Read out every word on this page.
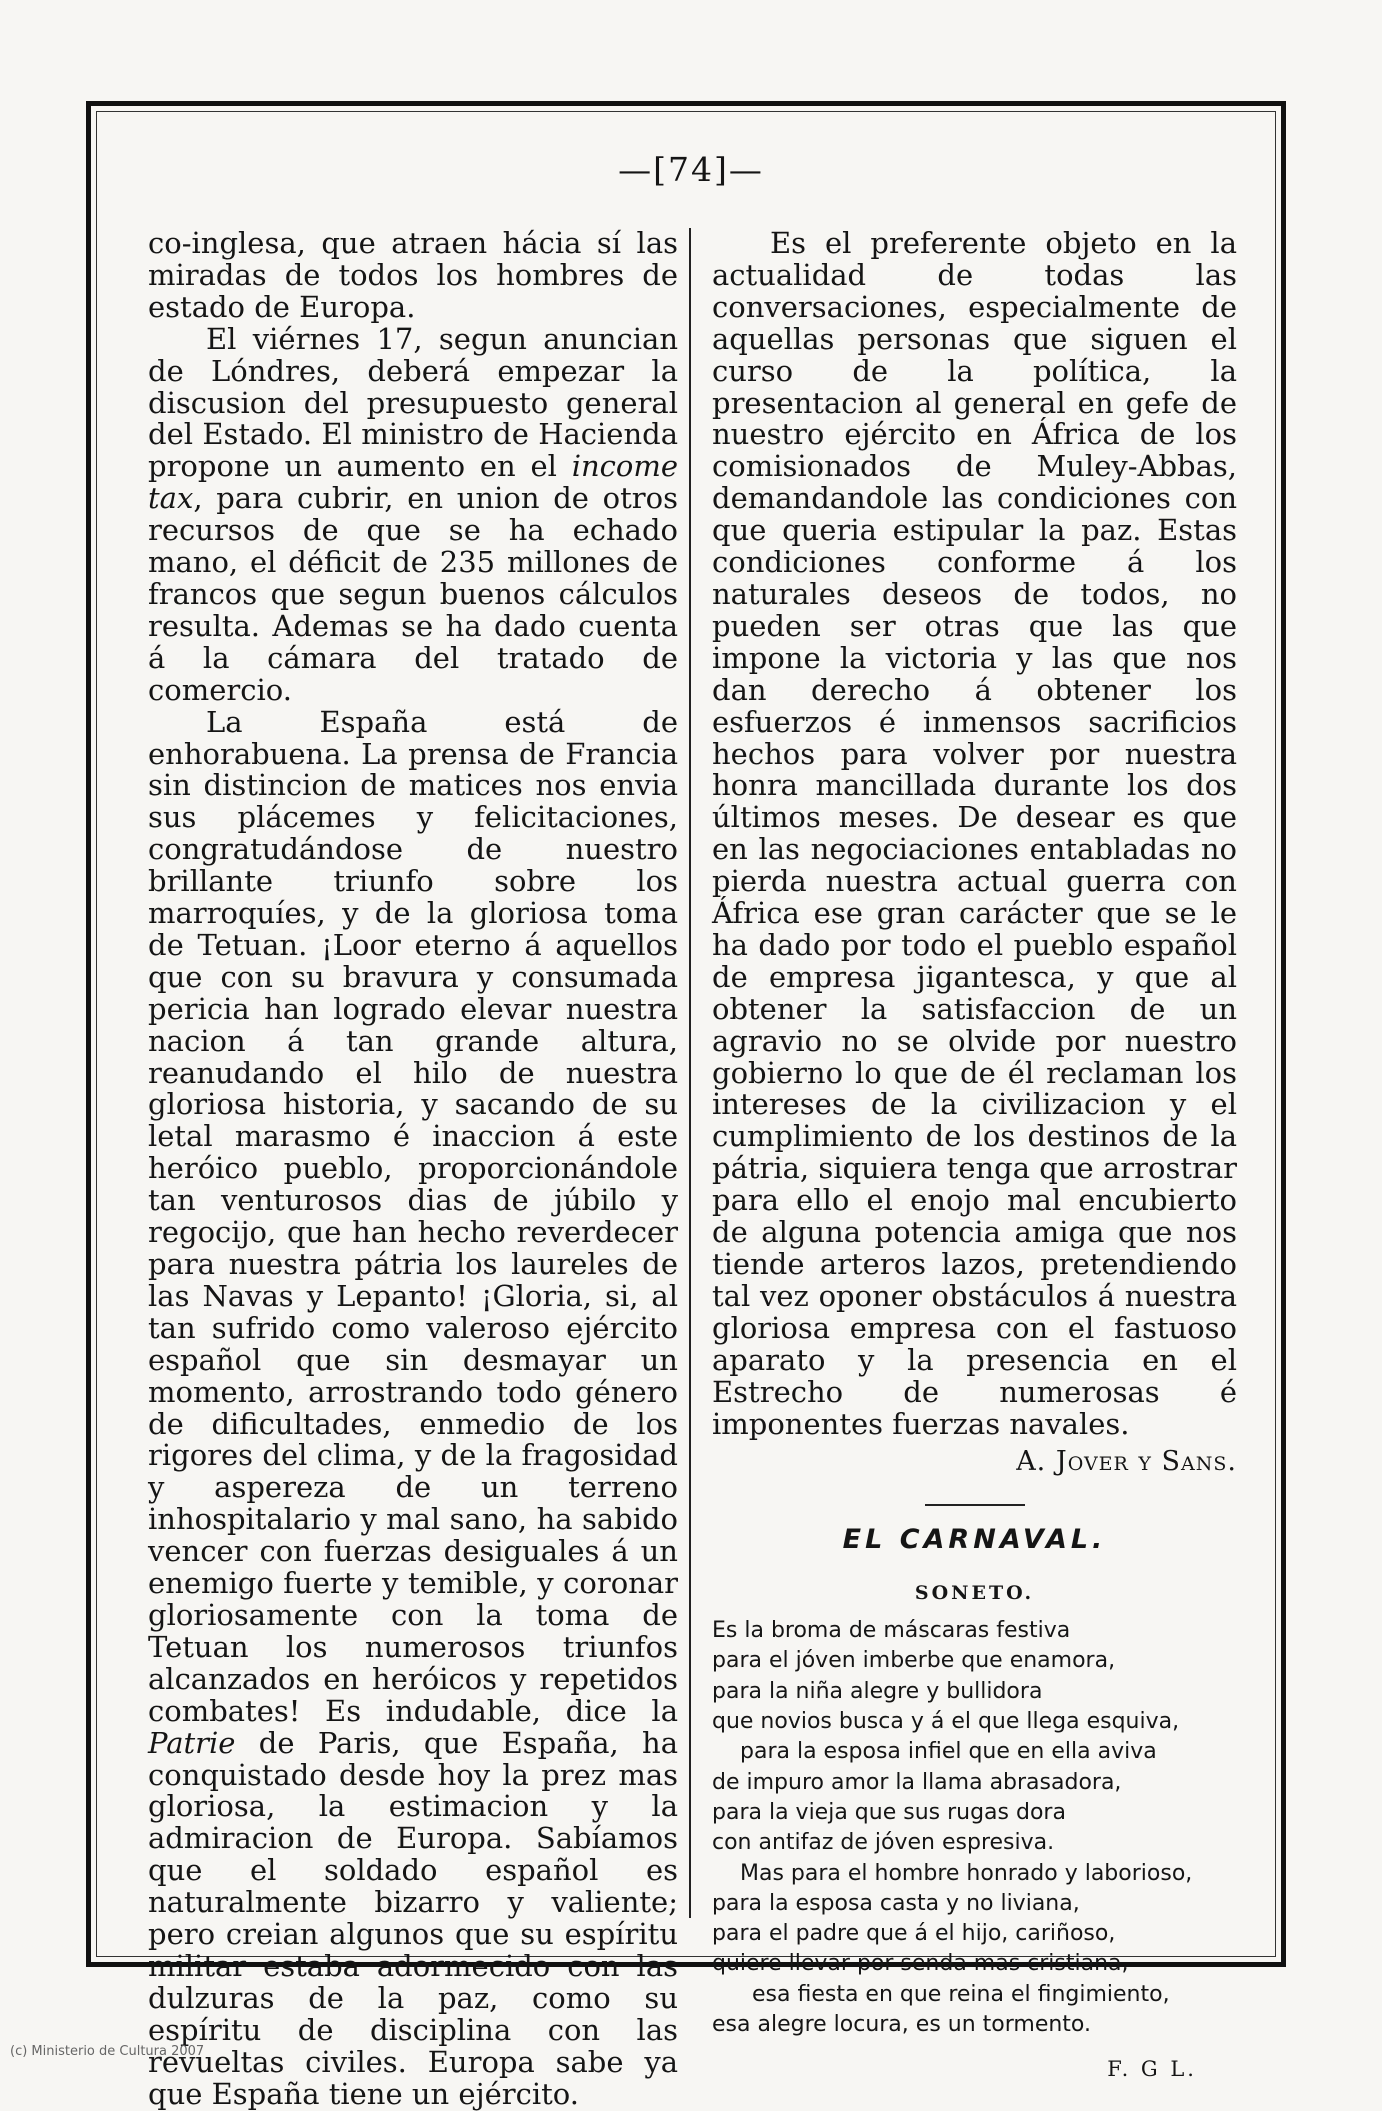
—[74]—

co-inglesa, que atraen hácia sí las miradas de todos los hombres de estado de Europa.

El viérnes 17, segun anuncian de Lóndres, deberá empezar la discusion del presupuesto general del Estado. El ministro de Hacienda propone un aumento en el income tax, para cubrir, en union de otros recursos de que se ha echado mano, el déficit de 235 millones de francos que segun buenos cálculos resulta. Ademas se ha dado cuenta á la cámara del tratado de comercio.

La España está de enhorabuena. La prensa de Francia sin distincion de matices nos envia sus plácemes y felicitaciones, congratudándose de nuestro brillante triunfo sobre los marroquíes, y de la gloriosa toma de Tetuan. ¡Loor eterno á aquellos que con su bravura y consumada pericia han logrado elevar nuestra nacion á tan grande altura, reanudando el hilo de nuestra gloriosa historia, y sacando de su letal marasmo é inaccion á este heróico pueblo, proporcionándole tan venturosos dias de júbilo y regocijo, que han hecho reverdecer para nuestra pátria los laureles de las Navas y Lepanto! ¡Gloria, si, al tan sufrido como valeroso ejército español que sin desmayar un momento, arrostrando todo género de dificultades, enmedio de los rigores del clima, y de la fragosidad y aspereza de un terreno inhospitalario y mal sano, ha sabido vencer con fuerzas desiguales á un enemigo fuerte y temible, y coronar gloriosamente con la toma de Tetuan los numerosos triunfos alcanzados en heróicos y repetidos combates! Es indudable, dice la Patrie de Paris, que España, ha conquistado desde hoy la prez mas gloriosa, la estimacion y la admiracion de Europa. Sabíamos que el soldado español es naturalmente bizarro y valiente; pero creian algunos que su espíritu militar estaba adormecido con las dulzuras de la paz, como su espíritu de disciplina con las revueltas civiles. Europa sabe ya que España tiene un ejército.

Es el preferente objeto en la actualidad de todas las conversaciones, especialmente de aquellas personas que siguen el curso de la política, la presentacion al general en gefe de nuestro ejército en África de los comisionados de Muley-Abbas, demandandole las condiciones con que queria estipular la paz. Estas condiciones conforme á los naturales deseos de todos, no pueden ser otras que las que impone la victoria y las que nos dan derecho á obtener los esfuerzos é inmensos sacrificios hechos para volver por nuestra honra mancillada durante los dos últimos meses. De desear es que en las negociaciones entabladas no pierda nuestra actual guerra con África ese gran carácter que se le ha dado por todo el pueblo español de empresa jigantesca, y que al obtener la satisfaccion de un agravio no se olvide por nuestro gobierno lo que de él reclaman los intereses de la civilizacion y el cumplimiento de los destinos de la pátria, siquiera tenga que arrostrar para ello el enojo mal encubierto de alguna potencia amiga que nos tiende arteros lazos, pretendiendo tal vez oponer obstáculos á nuestra gloriosa empresa con el fastuoso aparato y la presencia en el Estrecho de numerosas é imponentes fuerzas navales.

A. Jover y Sans.
EL CARNAVAL.
SONETO.
Es la broma de máscaras festiva
para el jóven imberbe que enamora,
para la niña alegre y bullidora
que novios busca y á el que llega esquiva,
para la esposa infiel que en ella aviva
de impuro amor la llama abrasadora,
para la vieja que sus rugas dora
con antifaz de jóven espresiva.
Mas para el hombre honrado y laborioso,
para la esposa casta y no liviana,
para el padre que á el hijo, cariñoso,
quiere llevar por senda mas cristiana,
esa fiesta en que reina el fingimiento,
esa alegre locura, es un tormento.
F. G L.
(c) Ministerio de Cultura 2007
